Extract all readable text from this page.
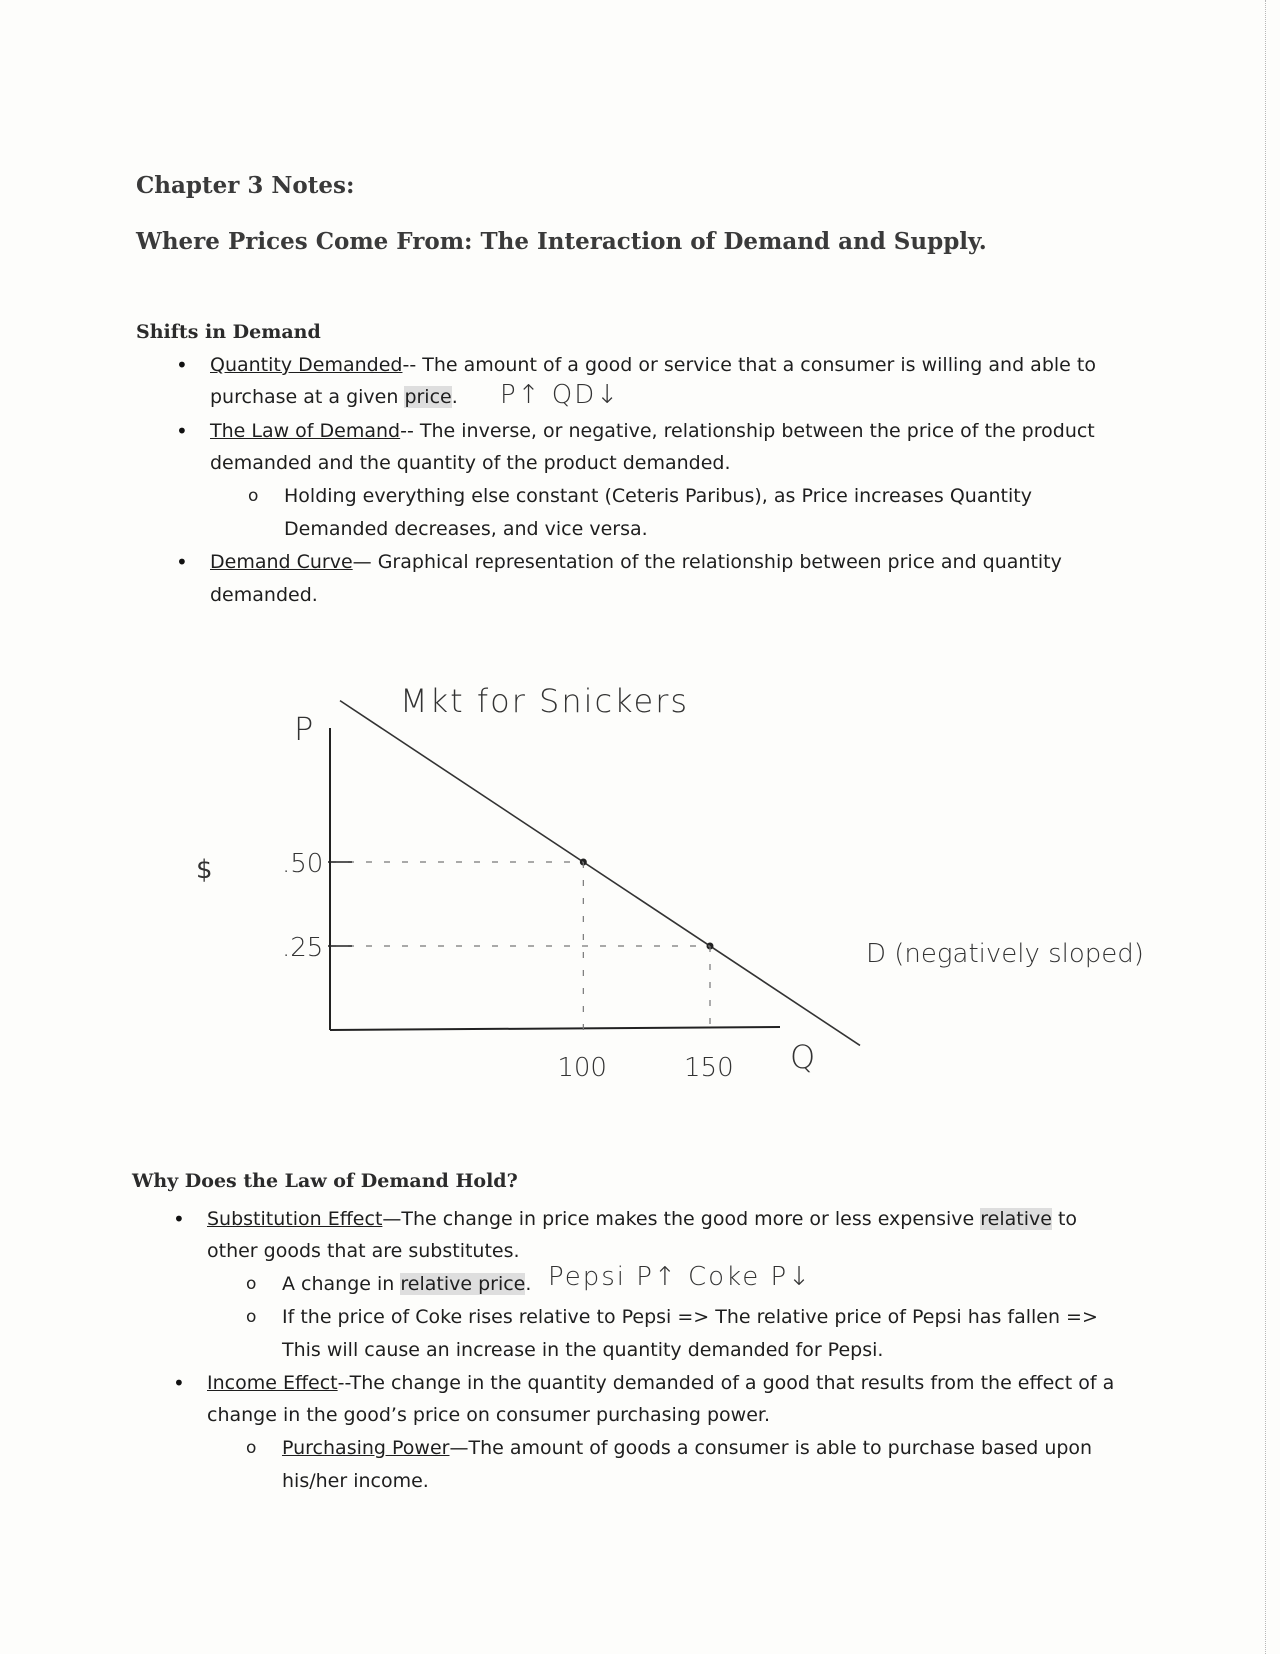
Chapter 3 Notes:
Where Prices Come From: The Interaction of Demand and Supply.
Shifts in Demand
• Quantity Demanded-- The amount of a good or service that a consumer is willing and able to
purchase at a given price. P↑ QD↓
• The Law of Demand-- The inverse, or negative, relationship between the price of the product
demanded and the quantity of the product demanded.
o Holding everything else constant (Ceteris Paribus), as Price increases Quantity
Demanded decreases, and vice versa.
• Demand Curve— Graphical representation of the relationship between price and quantity
demanded.
P
$
Q
Mkt for Snickers
.50
100
.25
150
D (negatively sloped)
Why Does the Law of Demand Hold?
• Substitution Effect—The change in price makes the good more or less expensive relative to
other goods that are substitutes.
o A change in relative price. Pepsi P↑ Coke P↓
o If the price of Coke rises relative to Pepsi => The relative price of Pepsi has fallen =>
This will cause an increase in the quantity demanded for Pepsi.
• Income Effect--The change in the quantity demanded of a good that results from the effect of a
change in the good’s price on consumer purchasing power.
o Purchasing Power—The amount of goods a consumer is able to purchase based upon
his/her income.
